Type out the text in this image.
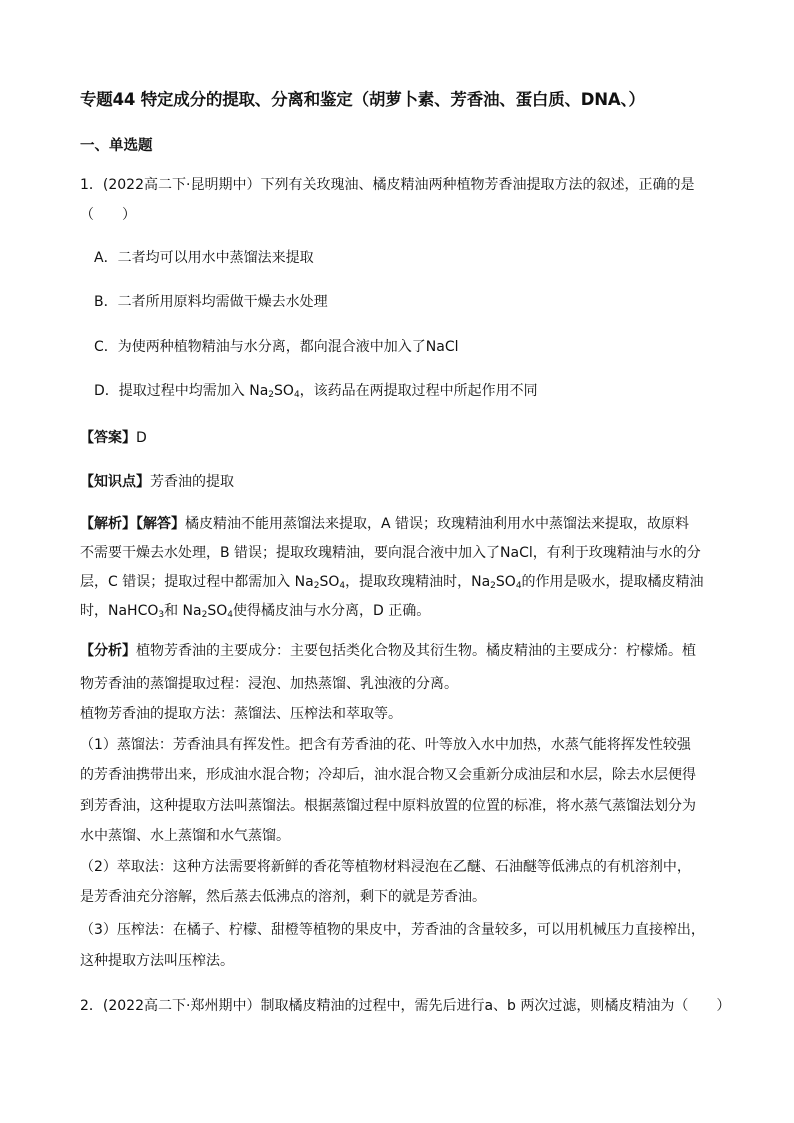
专题44 特定成分的提取、分离和鉴定（胡萝卜素、芳香油、蛋白质、DNA、）
一、单选题
1．(2022高二下·昆明期中）下列有关玫瑰油、橘皮精油两种植物芳香油提取方法的叙述，正确的是
（　　）
A．二者均可以用水中蒸馏法来提取
B．二者所用原料均需做干燥去水处理
C．为使两种植物精油与水分离，都向混合液中加入了NaCl
D．提取过程中均需加入 $Na_2SO_4$，该药品在两提取过程中所起作用不同
【答案】D
【知识点】芳香油的提取
【解析】【解答】橘皮精油不能用蒸馏法来提取，A 错误；玫瑰精油利用水中蒸馏法来提取，故原料
不需要干燥去水处理，B 错误；提取玫瑰精油，要向混合液中加入了NaCl，有利于玫瑰精油与水的分
层，C 错误；提取过程中都需加入 $Na_2SO_4$，提取玫瑰精油时，$Na_2SO_4$的作用是吸水，提取橘皮精油
时，NaHCO$_3$和 $Na_2SO_4$使得橘皮油与水分离，D 正确。
【分析】植物芳香油的主要成分：主要包括类化合物及其衍生物。橘皮精油的主要成分：柠檬烯。植
物芳香油的蒸馏提取过程：浸泡、加热蒸馏、乳浊液的分离。
植物芳香油的提取方法：蒸馏法、压榨法和萃取等。
（1）蒸馏法：芳香油具有挥发性。把含有芳香油的花、叶等放入水中加热，水蒸气能将挥发性较强
的芳香油携带出来，形成油水混合物；冷却后，油水混合物又会重新分成油层和水层，除去水层便得
到芳香油，这种提取方法叫蒸馏法。根据蒸馏过程中原料放置的位置的标准，将水蒸气蒸馏法划分为
水中蒸馏、水上蒸馏和水气蒸馏。
（2）萃取法：这种方法需要将新鲜的香花等植物材料浸泡在乙醚、石油醚等低沸点的有机溶剂中，
是芳香油充分溶解，然后蒸去低沸点的溶剂，剩下的就是芳香油。
（3）压榨法：在橘子、柠檬、甜橙等植物的果皮中，芳香油的含量较多，可以用机械压力直接榨出，
这种提取方法叫压榨法。
2．(2022高二下·郑州期中）制取橘皮精油的过程中，需先后进行a、b 两次过滤，则橘皮精油为（　　）
